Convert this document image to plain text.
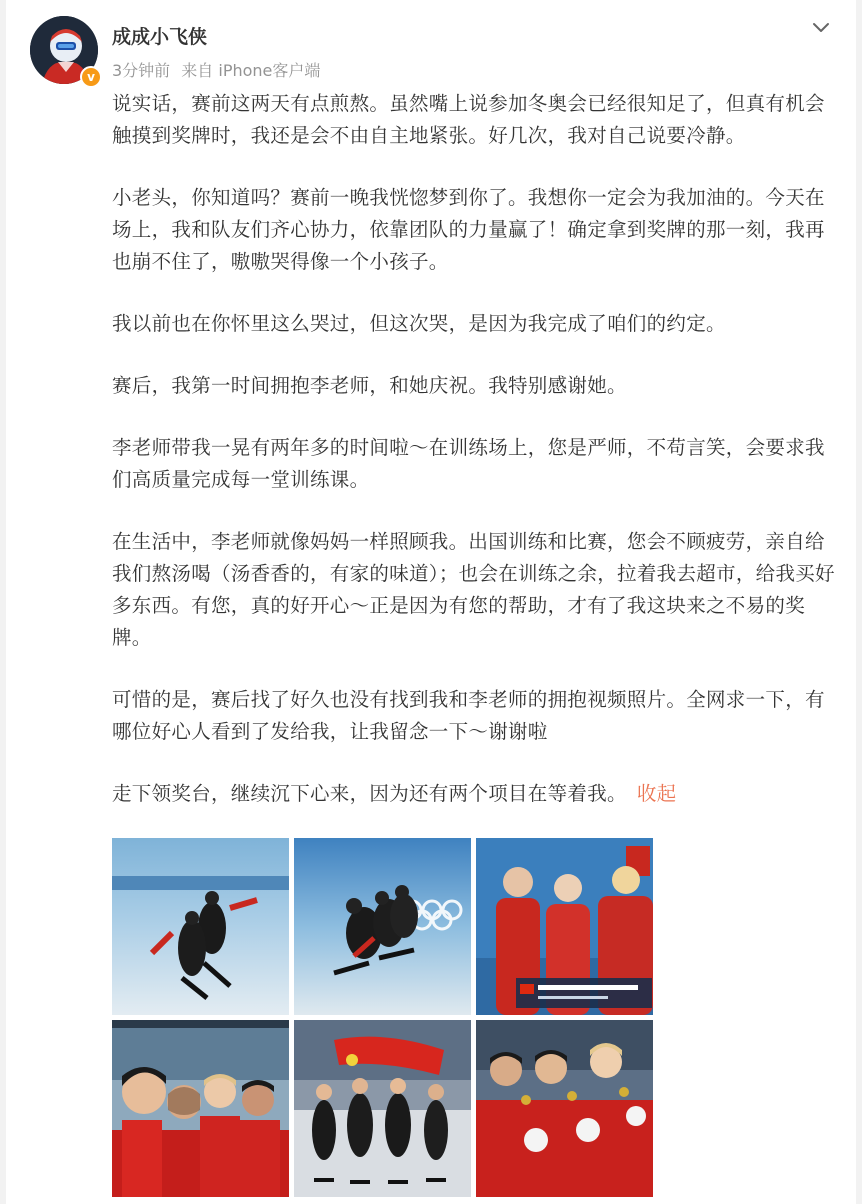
v
成成小飞侠
3分钟前 来自 iPhone客户端

说实话，赛前这两天有点煎熬。虽然嘴上说参加冬奥会已经很知足了，但真有机会触摸到奖牌时，我还是会不由自主地紧张。好几次，我对自己说要冷静。

小老头，你知道吗？赛前一晚我恍惚梦到你了。我想你一定会为我加油的。今天在场上，我和队友们齐心协力，依靠团队的力量赢了！确定拿到奖牌的那一刻，我再也崩不住了，嗷嗷哭得像一个小孩子。

我以前也在你怀里这么哭过，但这次哭，是因为我完成了咱们的约定。

赛后，我第一时间拥抱李老师，和她庆祝。我特别感谢她。

李老师带我一晃有两年多的时间啦～在训练场上，您是严师，不苟言笑，会要求我们高质量完成每一堂训练课。

在生活中，李老师就像妈妈一样照顾我。出国训练和比赛，您会不顾疲劳，亲自给我们熬汤喝（汤香香的，有家的味道）；也会在训练之余，拉着我去超市，给我买好多东西。有您，真的好开心～正是因为有您的帮助，才有了我这块来之不易的奖牌。

可惜的是，赛后找了好久也没有找到我和李老师的拥抱视频照片。全网求一下，有哪位好心人看到了发给我，让我留念一下～谢谢啦

走下领奖台，继续沉下心来，因为还有两个项目在等着我。 收起
